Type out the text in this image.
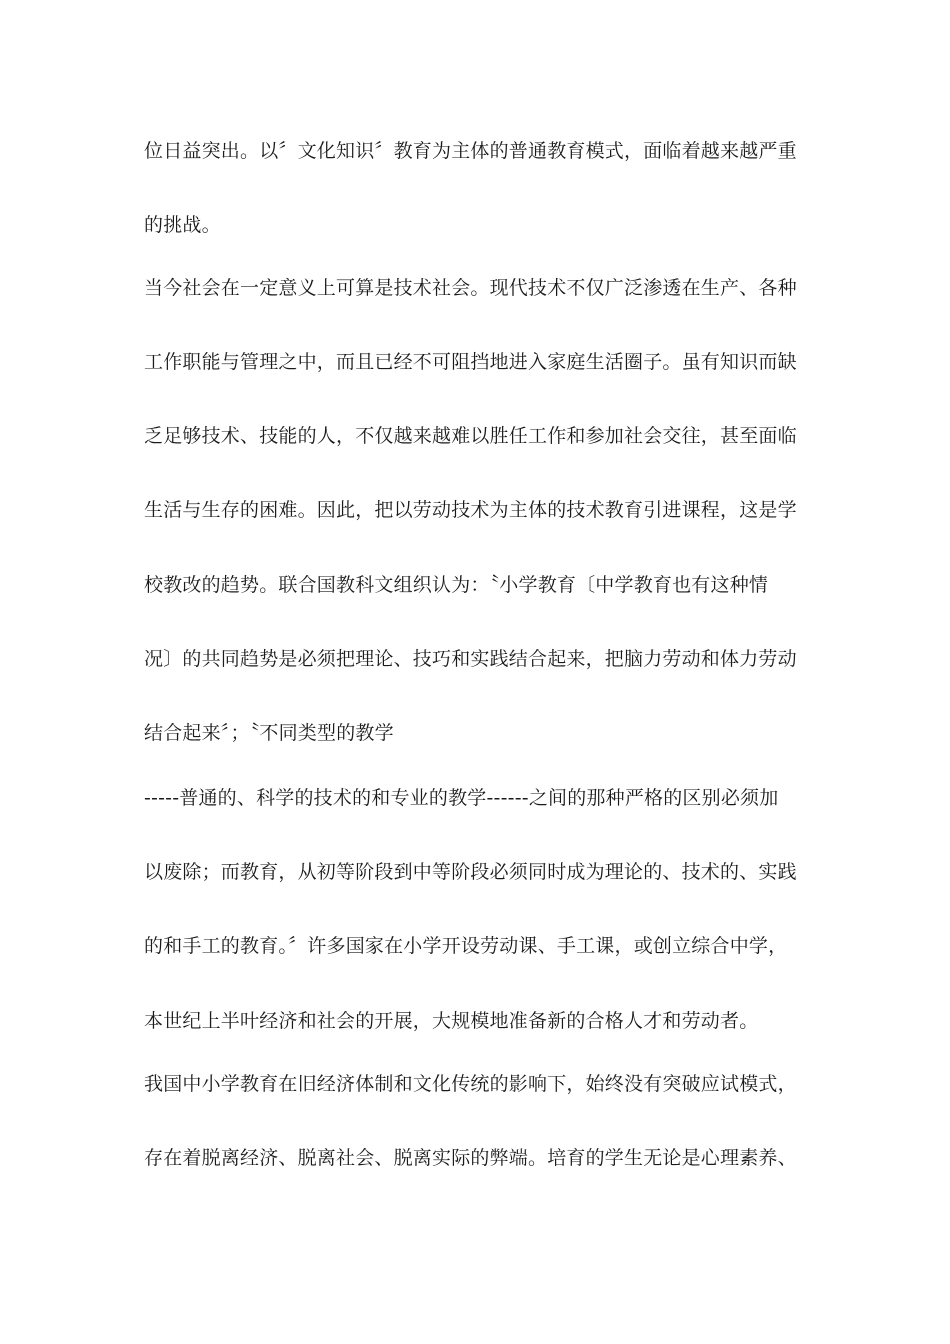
位日益突出。以〞文化知识〞教育为主体的普通教育模式，面临着越来越严重
的挑战。
当今社会在一定意义上可算是技术社会。现代技术不仅广泛渗透在生产、各种
工作职能与管理之中，而且已经不可阻挡地进入家庭生活圈子。虽有知识而缺
乏足够技术、技能的人，不仅越来越难以胜任工作和参加社会交往，甚至面临
生活与生存的困难。因此，把以劳动技术为主体的技术教育引进课程，这是学
校教改的趋势。联合国教科文组织认为：〝小学教育〔中学教育也有这种情
况〕的共同趋势是必须把理论、技巧和实践结合起来，把脑力劳动和体力劳动
结合起来〞；〝不同类型的教学
-----普通的、科学的技术的和专业的教学------之间的那种严格的区别必须加
以废除；而教育，从初等阶段到中等阶段必须同时成为理论的、技术的、实践
的和手工的教育。〞许多国家在小学开设劳动课、手工课，或创立综合中学，
本世纪上半叶经济和社会的开展，大规模地准备新的合格人才和劳动者。
我国中小学教育在旧经济体制和文化传统的影响下，始终没有突破应试模式，
存在着脱离经济、脱离社会、脱离实际的弊端。培育的学生无论是心理素养、
